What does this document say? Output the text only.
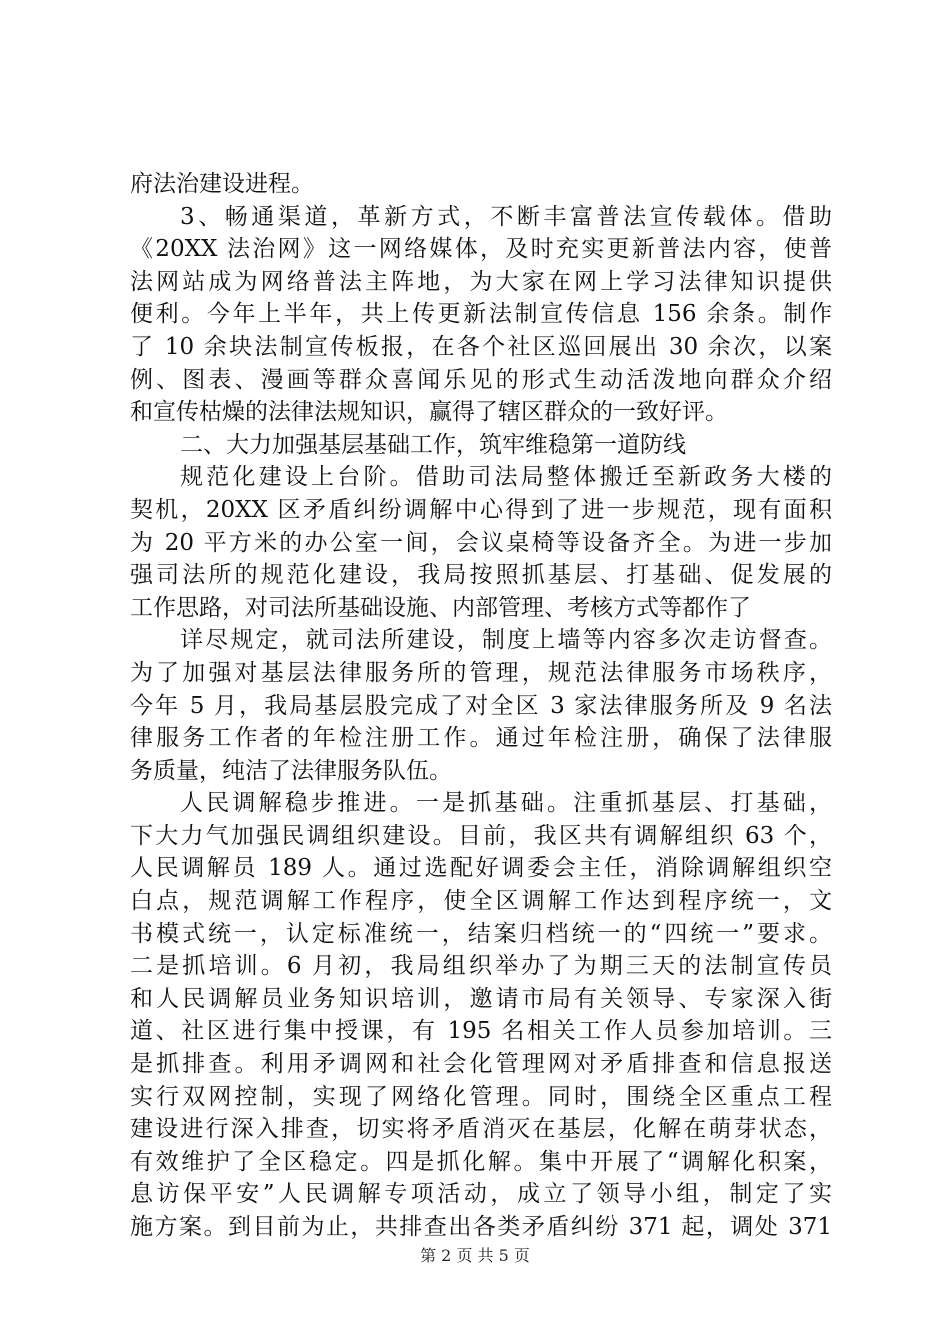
府法治建设进程。
3、畅通渠道，革新方式，不断丰富普法宣传载体。借助
《20XX 法治网》这一网络媒体，及时充实更新普法内容，使普
法网站成为网络普法主阵地，为大家在网上学习法律知识提供
便利。今年上半年，共上传更新法制宣传信息 156 余条。制作
了 10 余块法制宣传板报，在各个社区巡回展出 30 余次，以案
例、图表、漫画等群众喜闻乐见的形式生动活泼地向群众介绍
和宣传枯燥的法律法规知识，赢得了辖区群众的一致好评。
二、大力加强基层基础工作，筑牢维稳第一道防线
规范化建设上台阶。借助司法局整体搬迁至新政务大楼的
契机，20XX 区矛盾纠纷调解中心得到了进一步规范，现有面积
为 20 平方米的办公室一间，会议桌椅等设备齐全。为进一步加
强司法所的规范化建设，我局按照抓基层、打基础、促发展的
工作思路，对司法所基础设施、内部管理、考核方式等都作了
详尽规定，就司法所建设，制度上墙等内容多次走访督查。
为了加强对基层法律服务所的管理，规范法律服务市场秩序，
今年 5 月，我局基层股完成了对全区 3 家法律服务所及 9 名法
律服务工作者的年检注册工作。通过年检注册，确保了法律服
务质量，纯洁了法律服务队伍。
人民调解稳步推进。一是抓基础。注重抓基层、打基础，
下大力气加强民调组织建设。目前，我区共有调解组织 63 个，
人民调解员 189 人。通过选配好调委会主任，消除调解组织空
白点，规范调解工作程序，使全区调解工作达到程序统一，文
书模式统一，认定标准统一，结案归档统一的“四统一”要求。
二是抓培训。6 月初，我局组织举办了为期三天的法制宣传员
和人民调解员业务知识培训，邀请市局有关领导、专家深入街
道、社区进行集中授课，有 195 名相关工作人员参加培训。三
是抓排查。利用矛调网和社会化管理网对矛盾排查和信息报送
实行双网控制，实现了网络化管理。同时，围绕全区重点工程
建设进行深入排查，切实将矛盾消灭在基层，化解在萌芽状态，
有效维护了全区稳定。四是抓化解。集中开展了“调解化积案，
息访保平安”人民调解专项活动，成立了领导小组，制定了实
施方案。到目前为止，共排查出各类矛盾纠纷 371 起，调处 371
第 2 页 共 5 页
